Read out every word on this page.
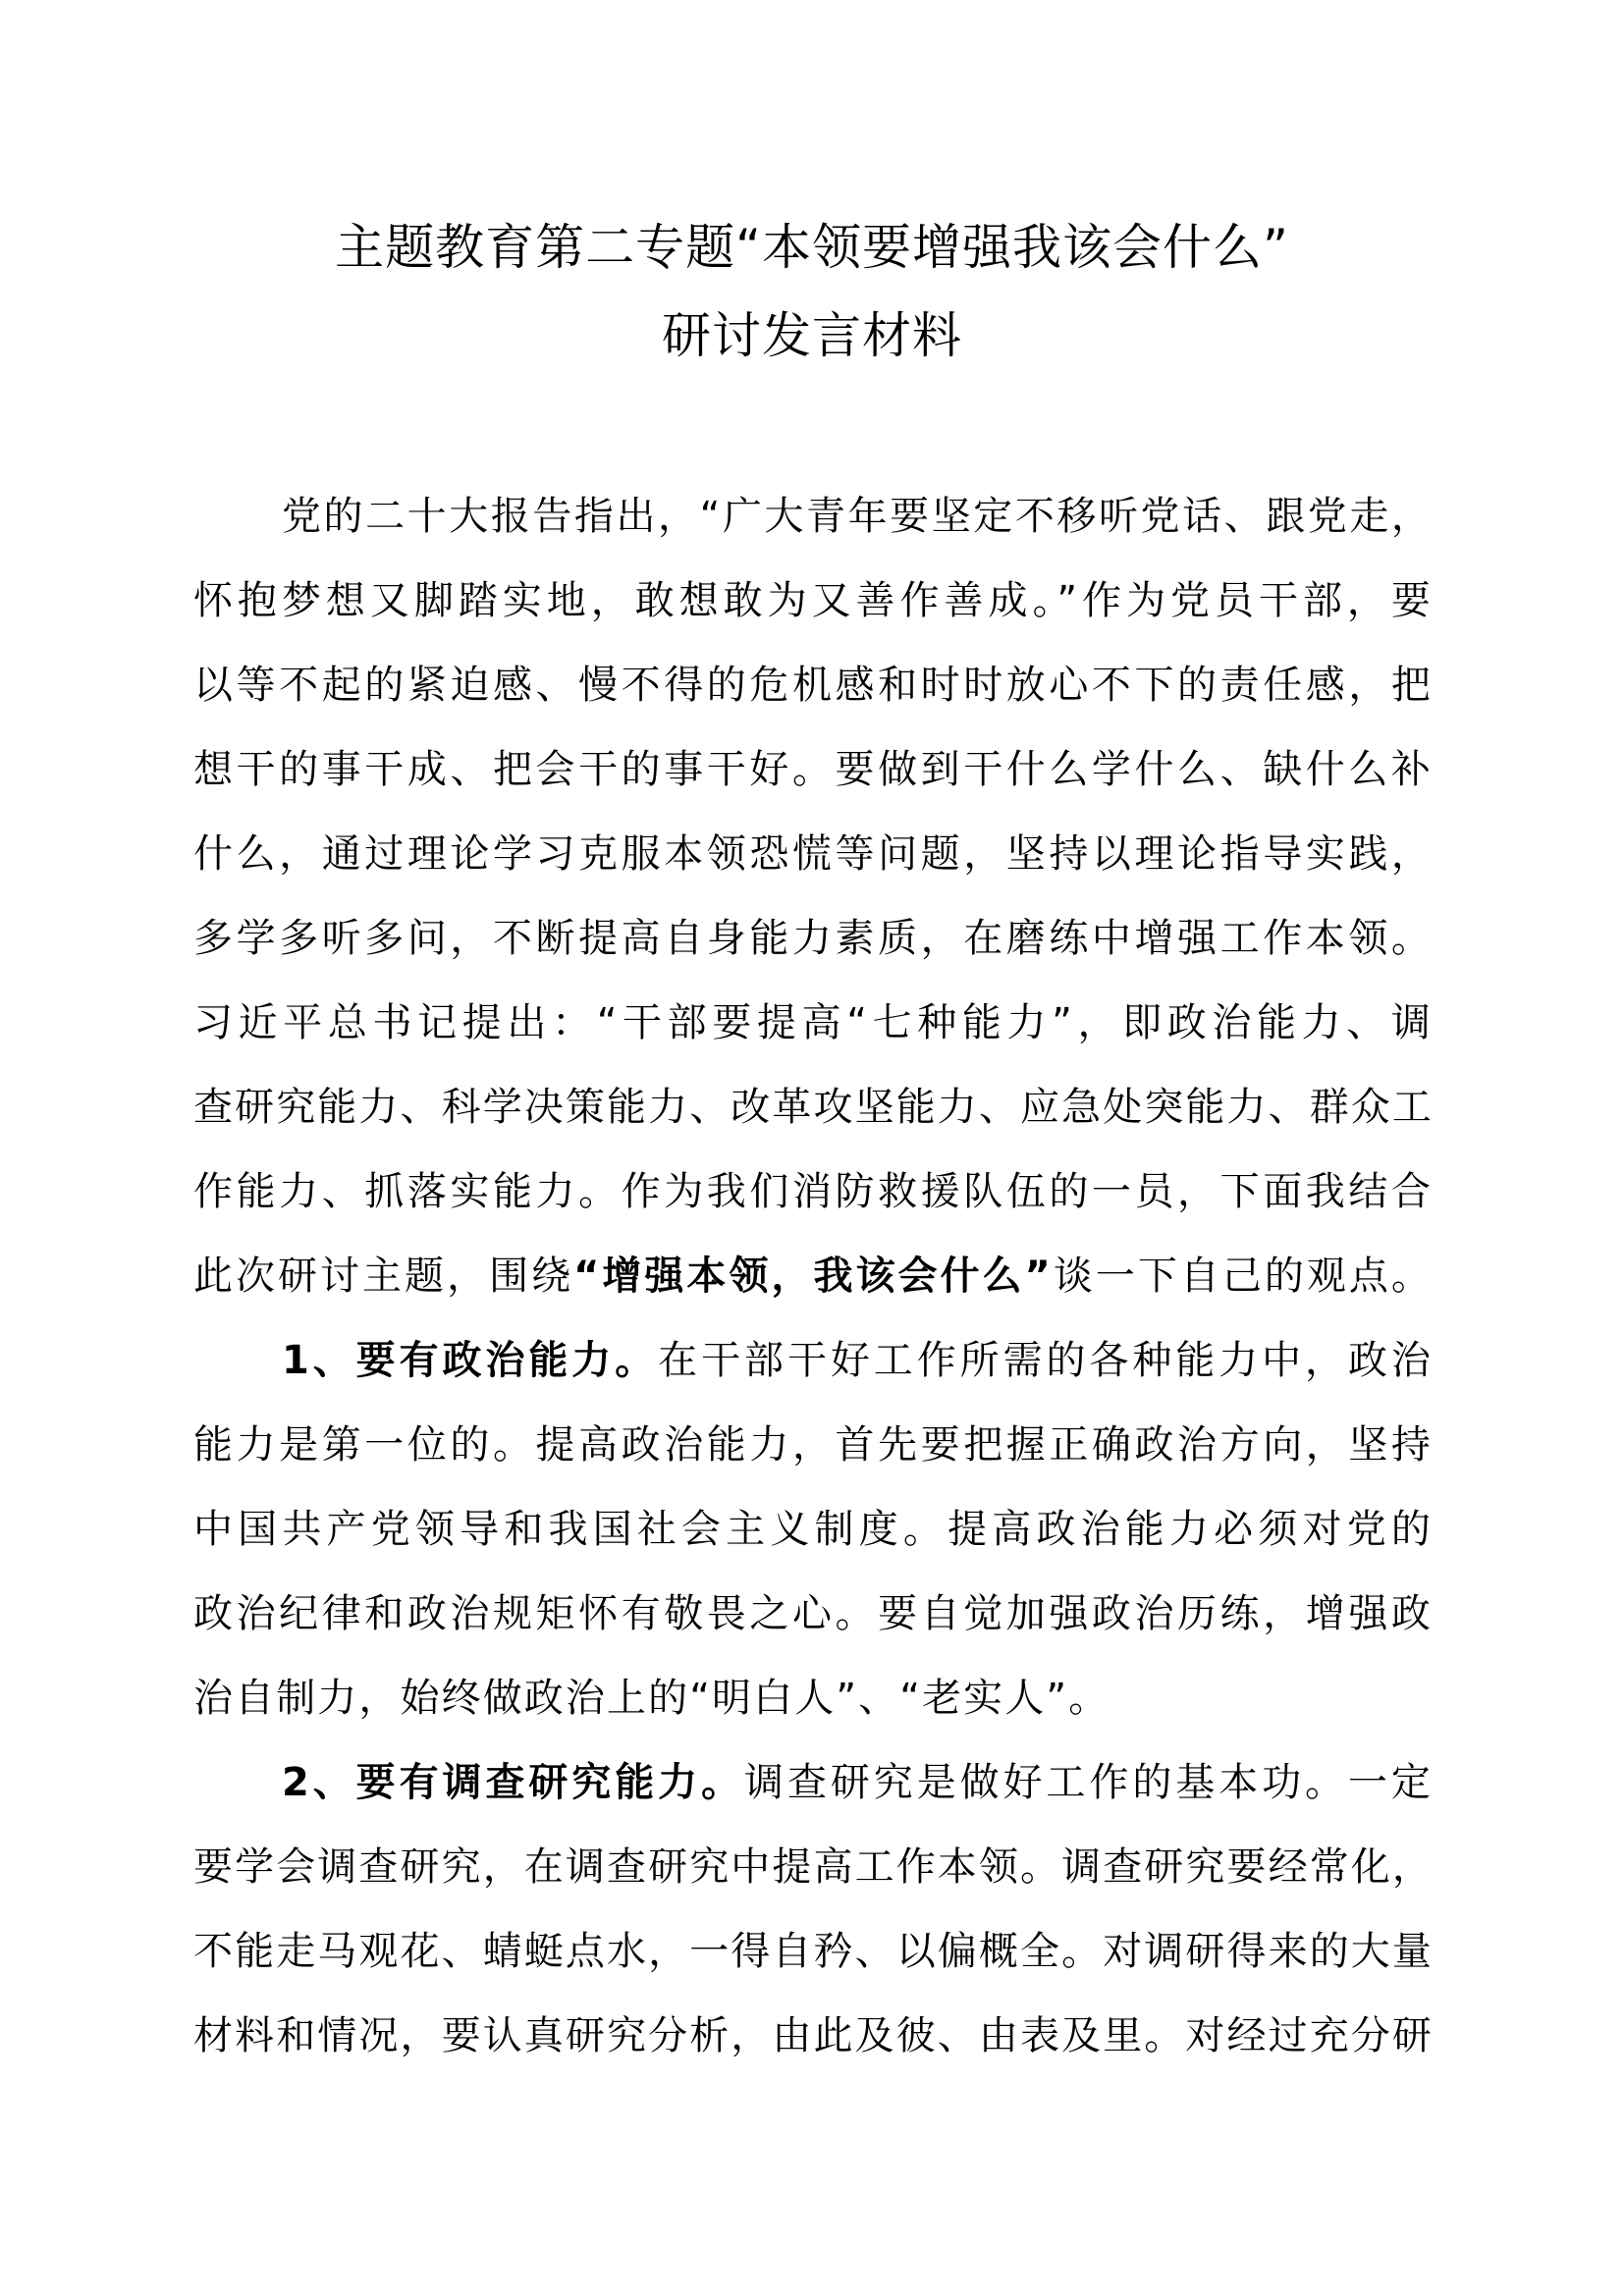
主题教育第二专题“本领要增强我该会什么”
研讨发言材料
党的二十大报告指出，“广大青年要坚定不移听党话、跟党走，
怀抱梦想又脚踏实地，敢想敢为又善作善成。”作为党员干部，要
以等不起的紧迫感、慢不得的危机感和时时放心不下的责任感，把
想干的事干成、把会干的事干好。要做到干什么学什么、缺什么补
什么，通过理论学习克服本领恐慌等问题，坚持以理论指导实践，
多学多听多问，不断提高自身能力素质，在磨练中增强工作本领。
习近平总书记提出：“干部要提高“七种能力”，即政治能力、调
查研究能力、科学决策能力、改革攻坚能力、应急处突能力、群众工
作能力、抓落实能力。作为我们消防救援队伍的一员，下面我结合
此次研讨主题，围绕“增强本领，我该会什么”谈一下自己的观点。
1、要有政治能力。在干部干好工作所需的各种能力中，政治
能力是第一位的。提高政治能力，首先要把握正确政治方向，坚持
中国共产党领导和我国社会主义制度。提高政治能力必须对党的
政治纪律和政治规矩怀有敬畏之心。要自觉加强政治历练，增强政
治自制力，始终做政治上的“明白人”、“老实人”。
2、要有调查研究能力。调查研究是做好工作的基本功。一定
要学会调查研究，在调查研究中提高工作本领。调查研究要经常化，
不能走马观花、蜻蜓点水，一得自矜、以偏概全。对调研得来的大量
材料和情况，要认真研究分析，由此及彼、由表及里。对经过充分研
